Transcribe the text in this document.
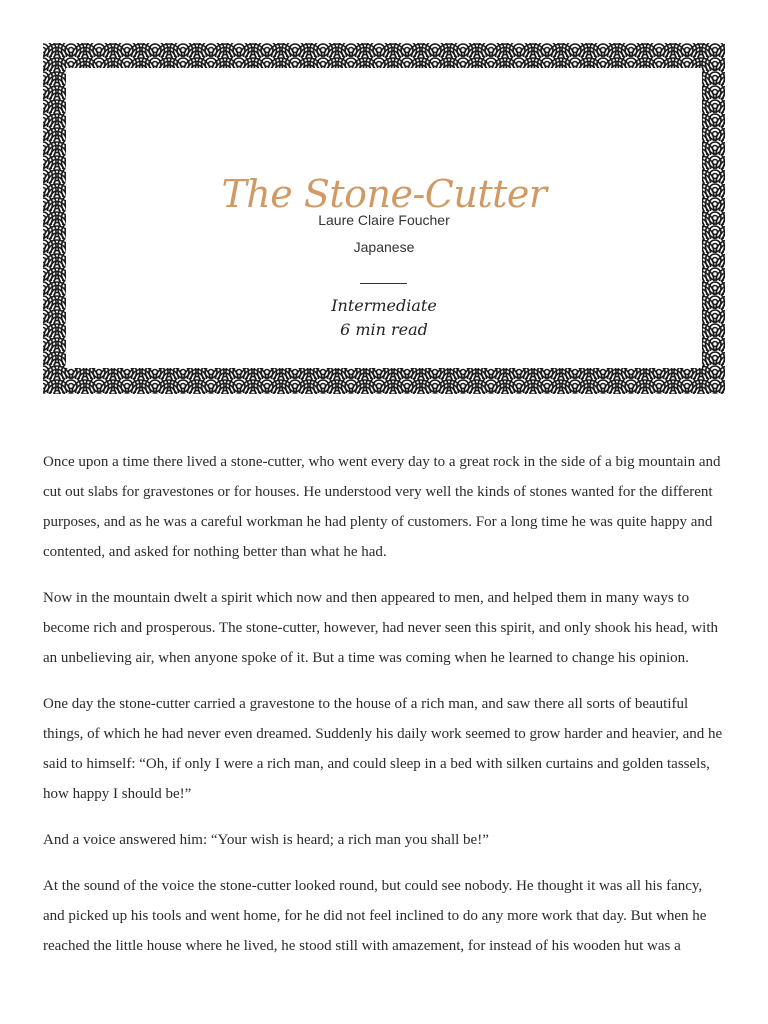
The Stone-Cutter
Laure Claire Foucher
Japanese
Intermediate
6 min read

Once upon a time there lived a stone-cutter, who went every day to a great rock in the side of a big mountain and cut out slabs for gravestones or for houses. He understood very well the kinds of stones wanted for the different purposes, and as he was a careful workman he had plenty of customers. For a long time he was quite happy and contented, and asked for nothing better than what he had.

Now in the mountain dwelt a spirit which now and then appeared to men, and helped them in many ways to become rich and prosperous. The stone-cutter, however, had never seen this spirit, and only shook his head, with an unbelieving air, when anyone spoke of it. But a time was coming when he learned to change his opinion.

One day the stone-cutter carried a gravestone to the house of a rich man, and saw there all sorts of beautiful things, of which he had never even dreamed. Suddenly his daily work seemed to grow harder and heavier, and he said to himself: “Oh, if only I were a rich man, and could sleep in a bed with silken curtains and golden tassels, how happy I should be!”

And a voice answered him: “Your wish is heard; a rich man you shall be!”

At the sound of the voice the stone-cutter looked round, but could see nobody. He thought it was all his fancy, and picked up his tools and went home, for he did not feel inclined to do any more work that day. But when he reached the little house where he lived, he stood still with amazement, for instead of his wooden hut was a
